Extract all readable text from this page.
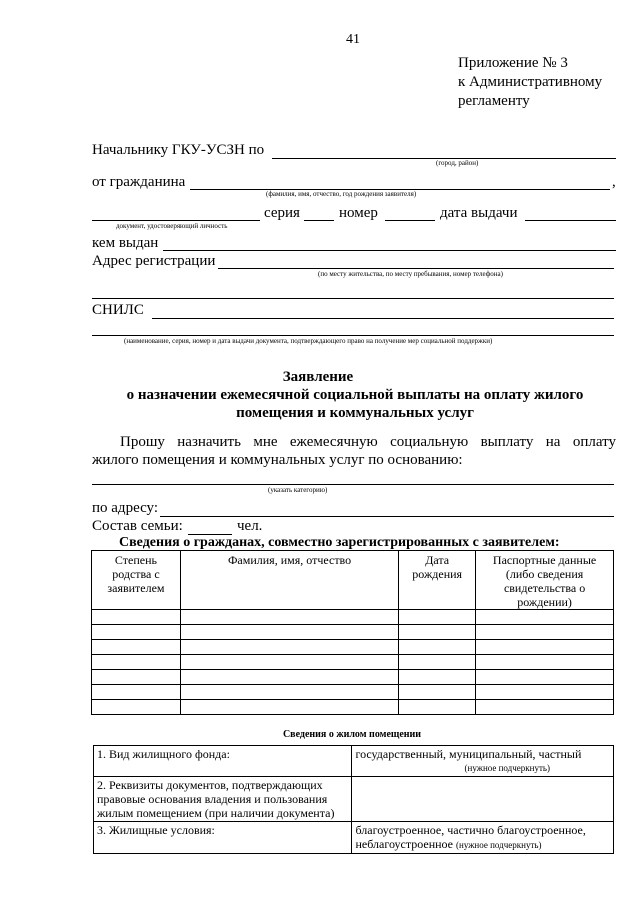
41
Приложение № 3
к Административному
регламенту
Начальнику ГКУ-УСЗН по
(город, район)
от гражданина	,
(фамилия, имя, отчество, год рождения заявителя)
документ, удостоверяющий личность
серия	номер	дата выдачи
кем выдан
Адрес регистрации
(по месту жительства, по месту пребывания, номер телефона)
СНИЛС
(наименование, серия, номер и дата выдачи документа, подтверждающего право на получение мер социальной поддержки)
Заявление
о назначении ежемесячной социальной выплаты на оплату жилого
помещения и коммунальных услуг
Прошу назначить мне ежемесячную социальную выплату на оплату
жилого помещения и коммунальных услуг по основанию:
(указать категорию)
по адресу:
Состав семьи:	чел.
Сведения о гражданах, совместно зарегистрированных с заявителем:
Степень родства с заявителем	Фамилия, имя, отчество	Дата рождения	Паспортные данные (либо сведения свидетельства о рождении)

Сведения о жилом помещении
1. Вид жилищного фонда:	государственный, муниципальный, частный
(нужное подчеркнуть)

2. Реквизиты документов, подтверждающих правовые основания владения и пользования жилым помещением (при наличии документа)	
3. Жилищные условия:	благоустроенное, частично благоустроенное, неблагоустроенное (нужное подчеркнуть)
